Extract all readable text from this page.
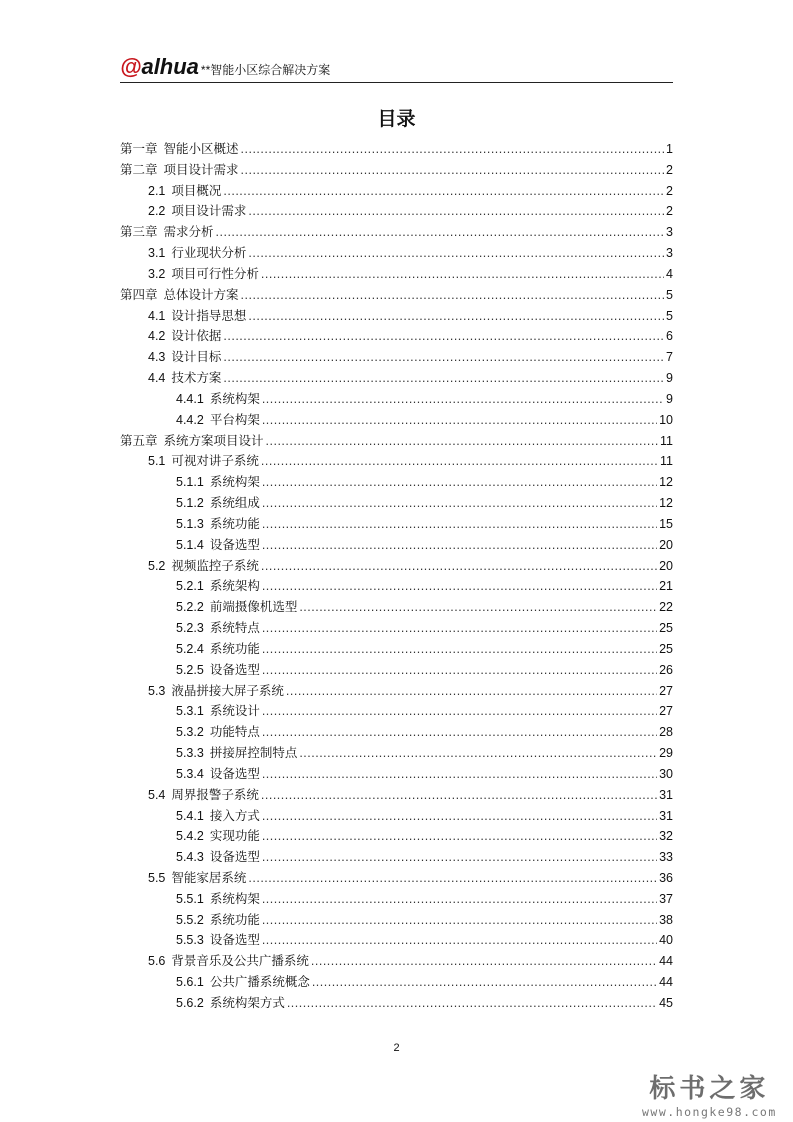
@alhua **智能小区综合解决方案
目录
第一章 智能小区概述 .....	1
第二章 项目设计需求 .....	2
2.1 项目概况 .....	2
2.2 项目设计需求 .....	2
第三章 需求分析 .....	3
3.1 行业现状分析 .....	3
3.2 项目可行性分析 .....	4
第四章 总体设计方案 .....	5
4.1 设计指导思想 .....	5
4.2 设计依据 .....	6
4.3 设计目标 .....	7
4.4 技术方案 .....	9
4.4.1 系统构架 .....	9
4.4.2 平台构架 .....	10
第五章 系统方案项目设计 .....	11
5.1 可视对讲子系统 .....	11
5.1.1 系统构架 .....	12
5.1.2 系统组成 .....	12
5.1.3 系统功能 .....	15
5.1.4 设备选型 .....	20
5.2 视频监控子系统 .....	20
5.2.1 系统架构 .....	21
5.2.2 前端摄像机选型 .....	22
5.2.3 系统特点 .....	25
5.2.4 系统功能 .....	25
5.2.5 设备选型 .....	26
5.3 液晶拼接大屏子系统 .....	27
5.3.1 系统设计 .....	27
5.3.2 功能特点 .....	28
5.3.3 拼接屏控制特点 .....	29
5.3.4 设备选型 .....	30
5.4 周界报警子系统 .....	31
5.4.1 接入方式 .....	31
5.4.2 实现功能 .....	32
5.4.3 设备选型 .....	33
5.5 智能家居系统 .....	36
5.5.1 系统构架 .....	37
5.5.2 系统功能 .....	38
5.5.3 设备选型 .....	40
5.6 背景音乐及公共广播系统 .....	44
5.6.1 公共广播系统概念 .....	44
5.6.2 系统构架方式 .....	45
2
标书之家
www.hongke98.com
